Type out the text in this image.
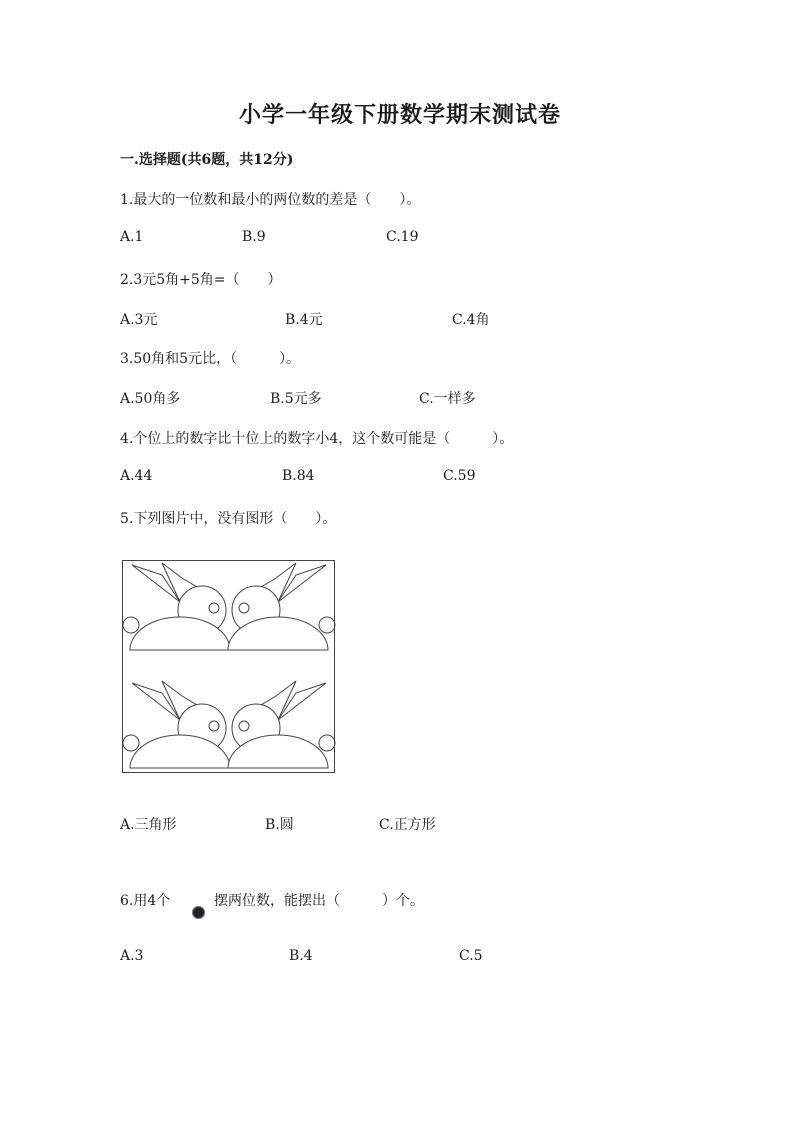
小学一年级下册数学期末测试卷
一.选择题(共6题，共12分)
1.最大的一位数和最小的两位数的差是（　　）。
A.1	B.9	C.19
2.3元5角+5角=（　　）
A.3元	B.4元	C.4角
3.50角和5元比，（　　　）。
A.50角多	B.5元多	C.一样多
4.个位上的数字比十位上的数字小4，这个数可能是（　　　）。
A.44	B.84	C.59
5.下列图片中，没有图形（　　）。
A.三角形	B.圆	C.正方形
6.用4个	摆两位数，能摆出（　　　）个。
A.3	B.4	C.5
